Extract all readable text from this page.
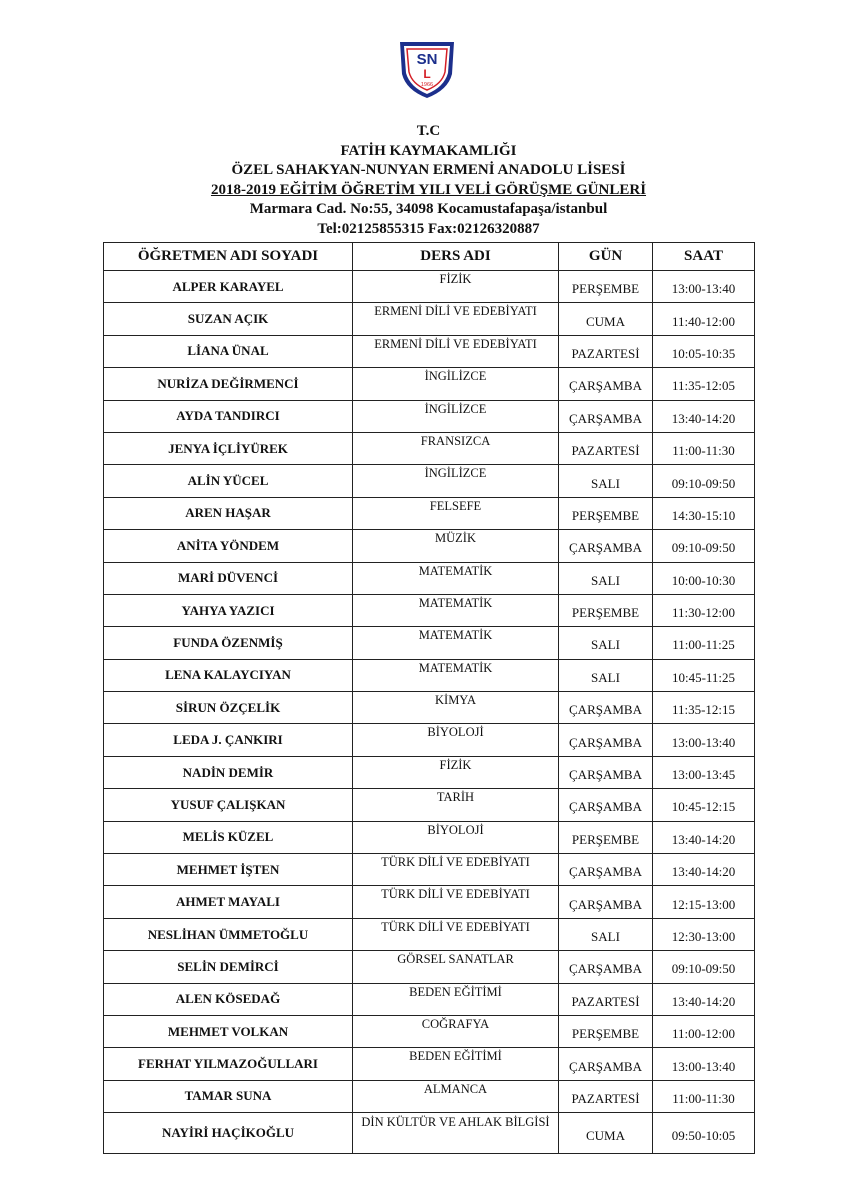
SN
L
1966
T.C
FATİH KAYMAKAMLIĞI
ÖZEL SAHAKYAN-NUNYAN ERMENİ ANADOLU LİSESİ
2018-2019 EĞİTİM ÖĞRETİM YILI VELİ GÖRÜŞME GÜNLERİ
Marmara Cad. No:55, 34098 Kocamustafapaşa/istanbul
Tel:02125855315 Fax:02126320887
ÖĞRETMEN ADI SOYADI	DERS ADI	GÜN	SAAT
ALPER KARAYEL	FİZİK	PERŞEMBE	13:00-13:40
SUZAN AÇIK	ERMENİ DİLİ VE EDEBİYATI	CUMA	11:40-12:00
LİANA ÜNAL	ERMENİ DİLİ VE EDEBİYATI	PAZARTESİ	10:05-10:35
NURİZA DEĞİRMENCİ	İNGİLİZCE	ÇARŞAMBA	11:35-12:05
AYDA TANDIRCI	İNGİLİZCE	ÇARŞAMBA	13:40-14:20
JENYA İÇLİYÜREK	FRANSIZCA	PAZARTESİ	11:00-11:30
ALİN YÜCEL	İNGİLİZCE	SALI	09:10-09:50
AREN HAŞAR	FELSEFE	PERŞEMBE	14:30-15:10
ANİTA YÖNDEM	MÜZİK	ÇARŞAMBA	09:10-09:50
MARİ DÜVENCİ	MATEMATİK	SALI	10:00-10:30
YAHYA YAZICI	MATEMATİK	PERŞEMBE	11:30-12:00
FUNDA ÖZENMİŞ	MATEMATİK	SALI	11:00-11:25
LENA KALAYCIYAN	MATEMATİK	SALI	10:45-11:25
SİRUN ÖZÇELİK	KİMYA	ÇARŞAMBA	11:35-12:15
LEDA J. ÇANKIRI	BİYOLOJİ	ÇARŞAMBA	13:00-13:40
NADİN DEMİR	FİZİK	ÇARŞAMBA	13:00-13:45
YUSUF ÇALIŞKAN	TARİH	ÇARŞAMBA	10:45-12:15
MELİS KÜZEL	BİYOLOJİ	PERŞEMBE	13:40-14:20
MEHMET İŞTEN	TÜRK DİLİ VE EDEBİYATI	ÇARŞAMBA	13:40-14:20
AHMET MAYALI	TÜRK DİLİ VE EDEBİYATI	ÇARŞAMBA	12:15-13:00
NESLİHAN ÜMMETOĞLU	TÜRK DİLİ VE EDEBİYATI	SALI	12:30-13:00
SELİN DEMİRCİ	GÖRSEL SANATLAR	ÇARŞAMBA	09:10-09:50
ALEN KÖSEDAĞ	BEDEN EĞİTİMİ	PAZARTESİ	13:40-14:20
MEHMET VOLKAN	COĞRAFYA	PERŞEMBE	11:00-12:00
FERHAT YILMAZOĞULLARI	BEDEN EĞİTİMİ	ÇARŞAMBA	13:00-13:40
TAMAR SUNA	ALMANCA	PAZARTESİ	11:00-11:30
NAYİRİ HAÇİKOĞLU	DİN KÜLTÜR VE AHLAK BİLGİSİ	CUMA	09:50-10:05
